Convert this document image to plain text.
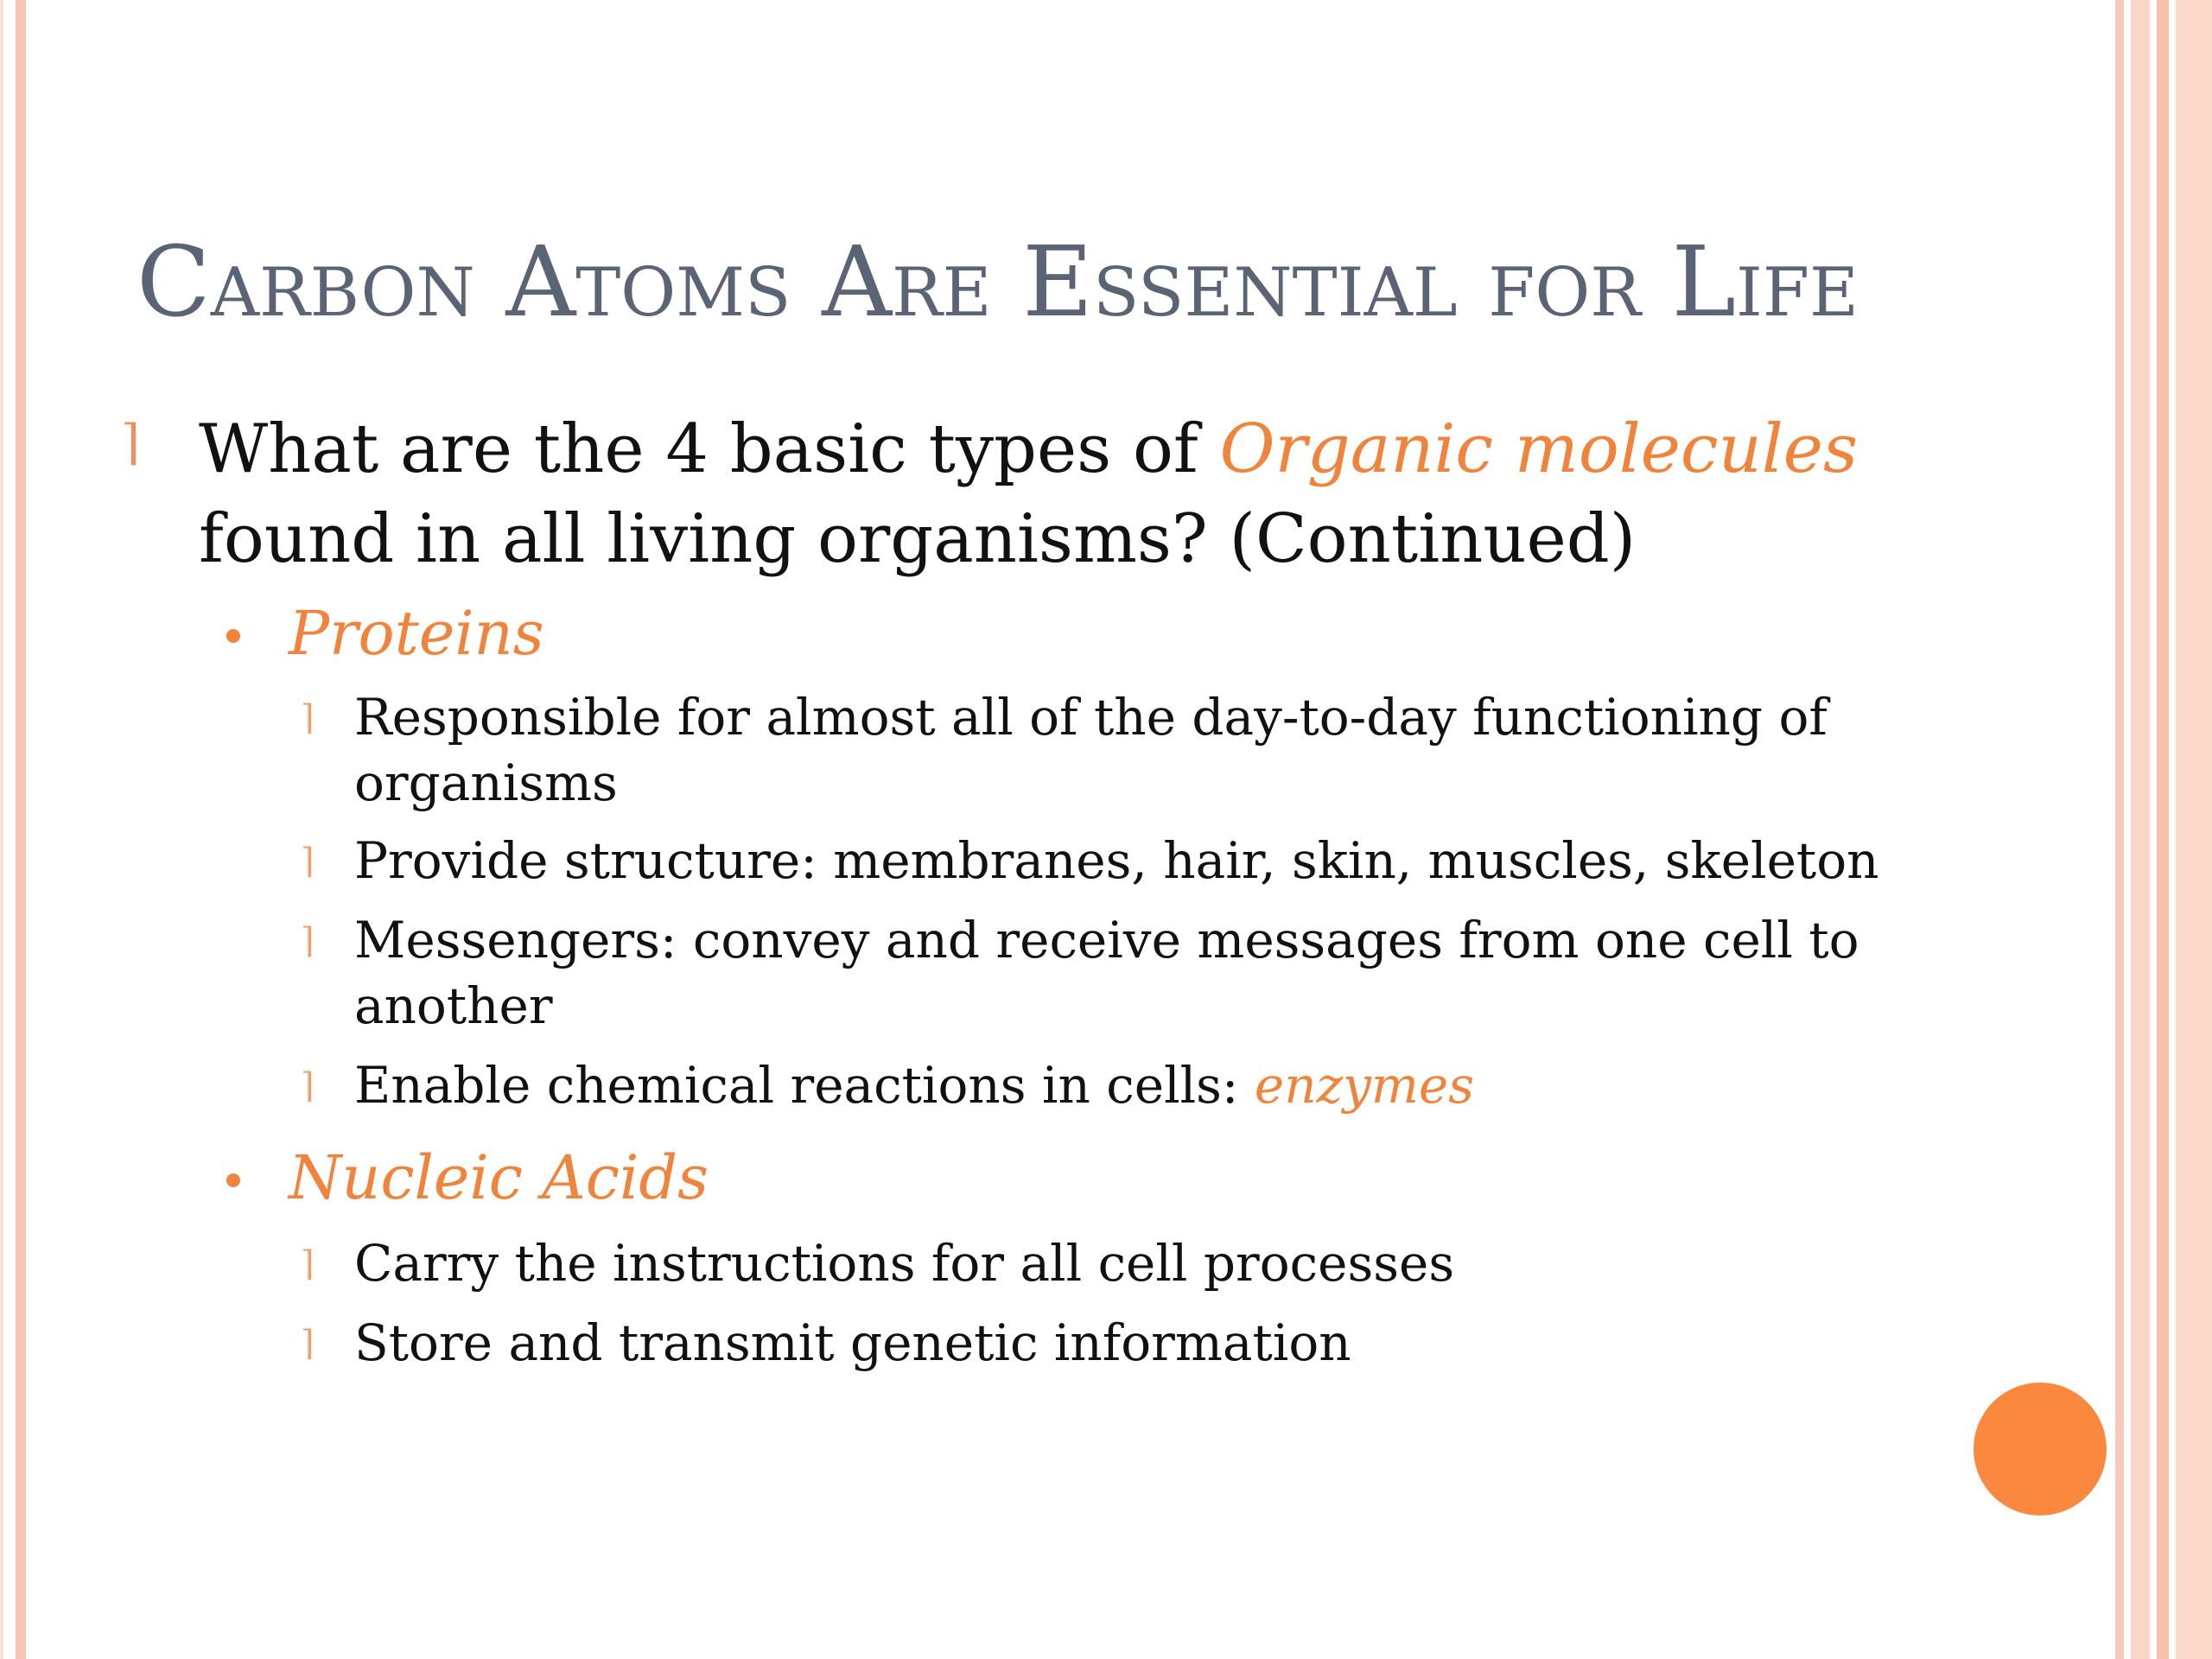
Carbon Atoms Are Essential for Life
⌉ What are the 4 basic types of Organic molecules found in all living organisms? (Continued)
Proteins
⌉ Responsible for almost all of the day-to-day functioning of organisms
⌉ Provide structure: membranes, hair, skin, muscles, skeleton
⌉ Messengers: convey and receive messages from one cell to another
⌉ Enable chemical reactions in cells: enzymes
Nucleic Acids
⌉ Carry the instructions for all cell processes
⌉ Store and transmit genetic information
